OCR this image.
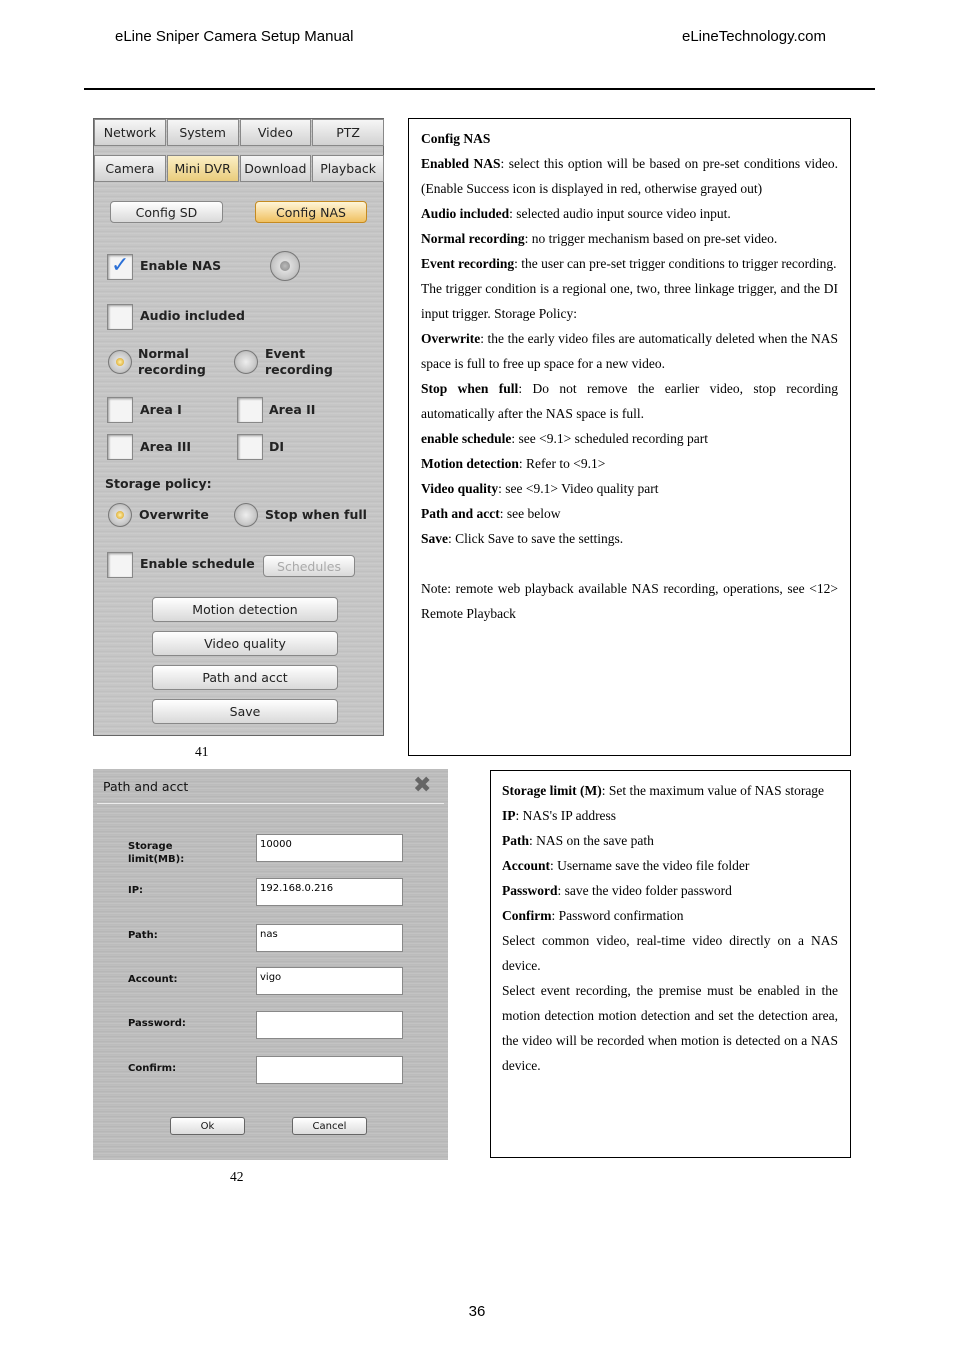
eLine Sniper Camera Setup Manual	eLineTechnology.com
Network	System	Video	PTZ
Camera	Mini DVR	Download	Playback
Config SD	Config NAS
✓ Enable NAS
Audio included
Normal
recording
Event
recording
Area I	Area II
Area III	DI
Storage policy:
Overwrite	Stop when full
Enable schedule	Schedules
Motion detection
Video quality
Path and acct
Save
41

Config NAS

Enabled NAS: select this option will be based on pre-set conditions video. (Enable Success icon is displayed in red, otherwise grayed out)

Audio included: selected audio input source video input.

Normal recording: no trigger mechanism based on pre-set video.

Event recording: the user can pre-set trigger conditions to trigger recording.

The trigger condition is a regional one, two, three linkage trigger, and the DI input trigger. Storage Policy:

Overwrite: the the early video files are automatically deleted when the NAS space is full to free up space for a new video.

Stop when full: Do not remove the earlier video, stop recording automatically after the NAS space is full.

enable schedule: see <9.1> scheduled recording part

Motion detection: Refer to <9.1>

Video quality: see <9.1> Video quality part

Path and acct: see below

Save: Click Save to save the settings.

Note: remote web playback available NAS recording, operations, see <12> Remote Playback

Path and acct	✖
Storage
limit(MB):
10000
IP:	192.168.0.216
Path:	nas
Account:	vigo
Password:
Confirm:
Ok	Cancel
42

Storage limit (M): Set the maximum value of NAS storage

IP: NAS's IP address

Path: NAS on the save path

Account: Username save the video file folder

Password: save the video folder password

Confirm: Password confirmation

Select common video, real-time video directly on a NAS device.

Select event recording, the premise must be enabled in the motion detection motion detection and set the detection area, the video will be recorded when motion is detected on a NAS device.

36
